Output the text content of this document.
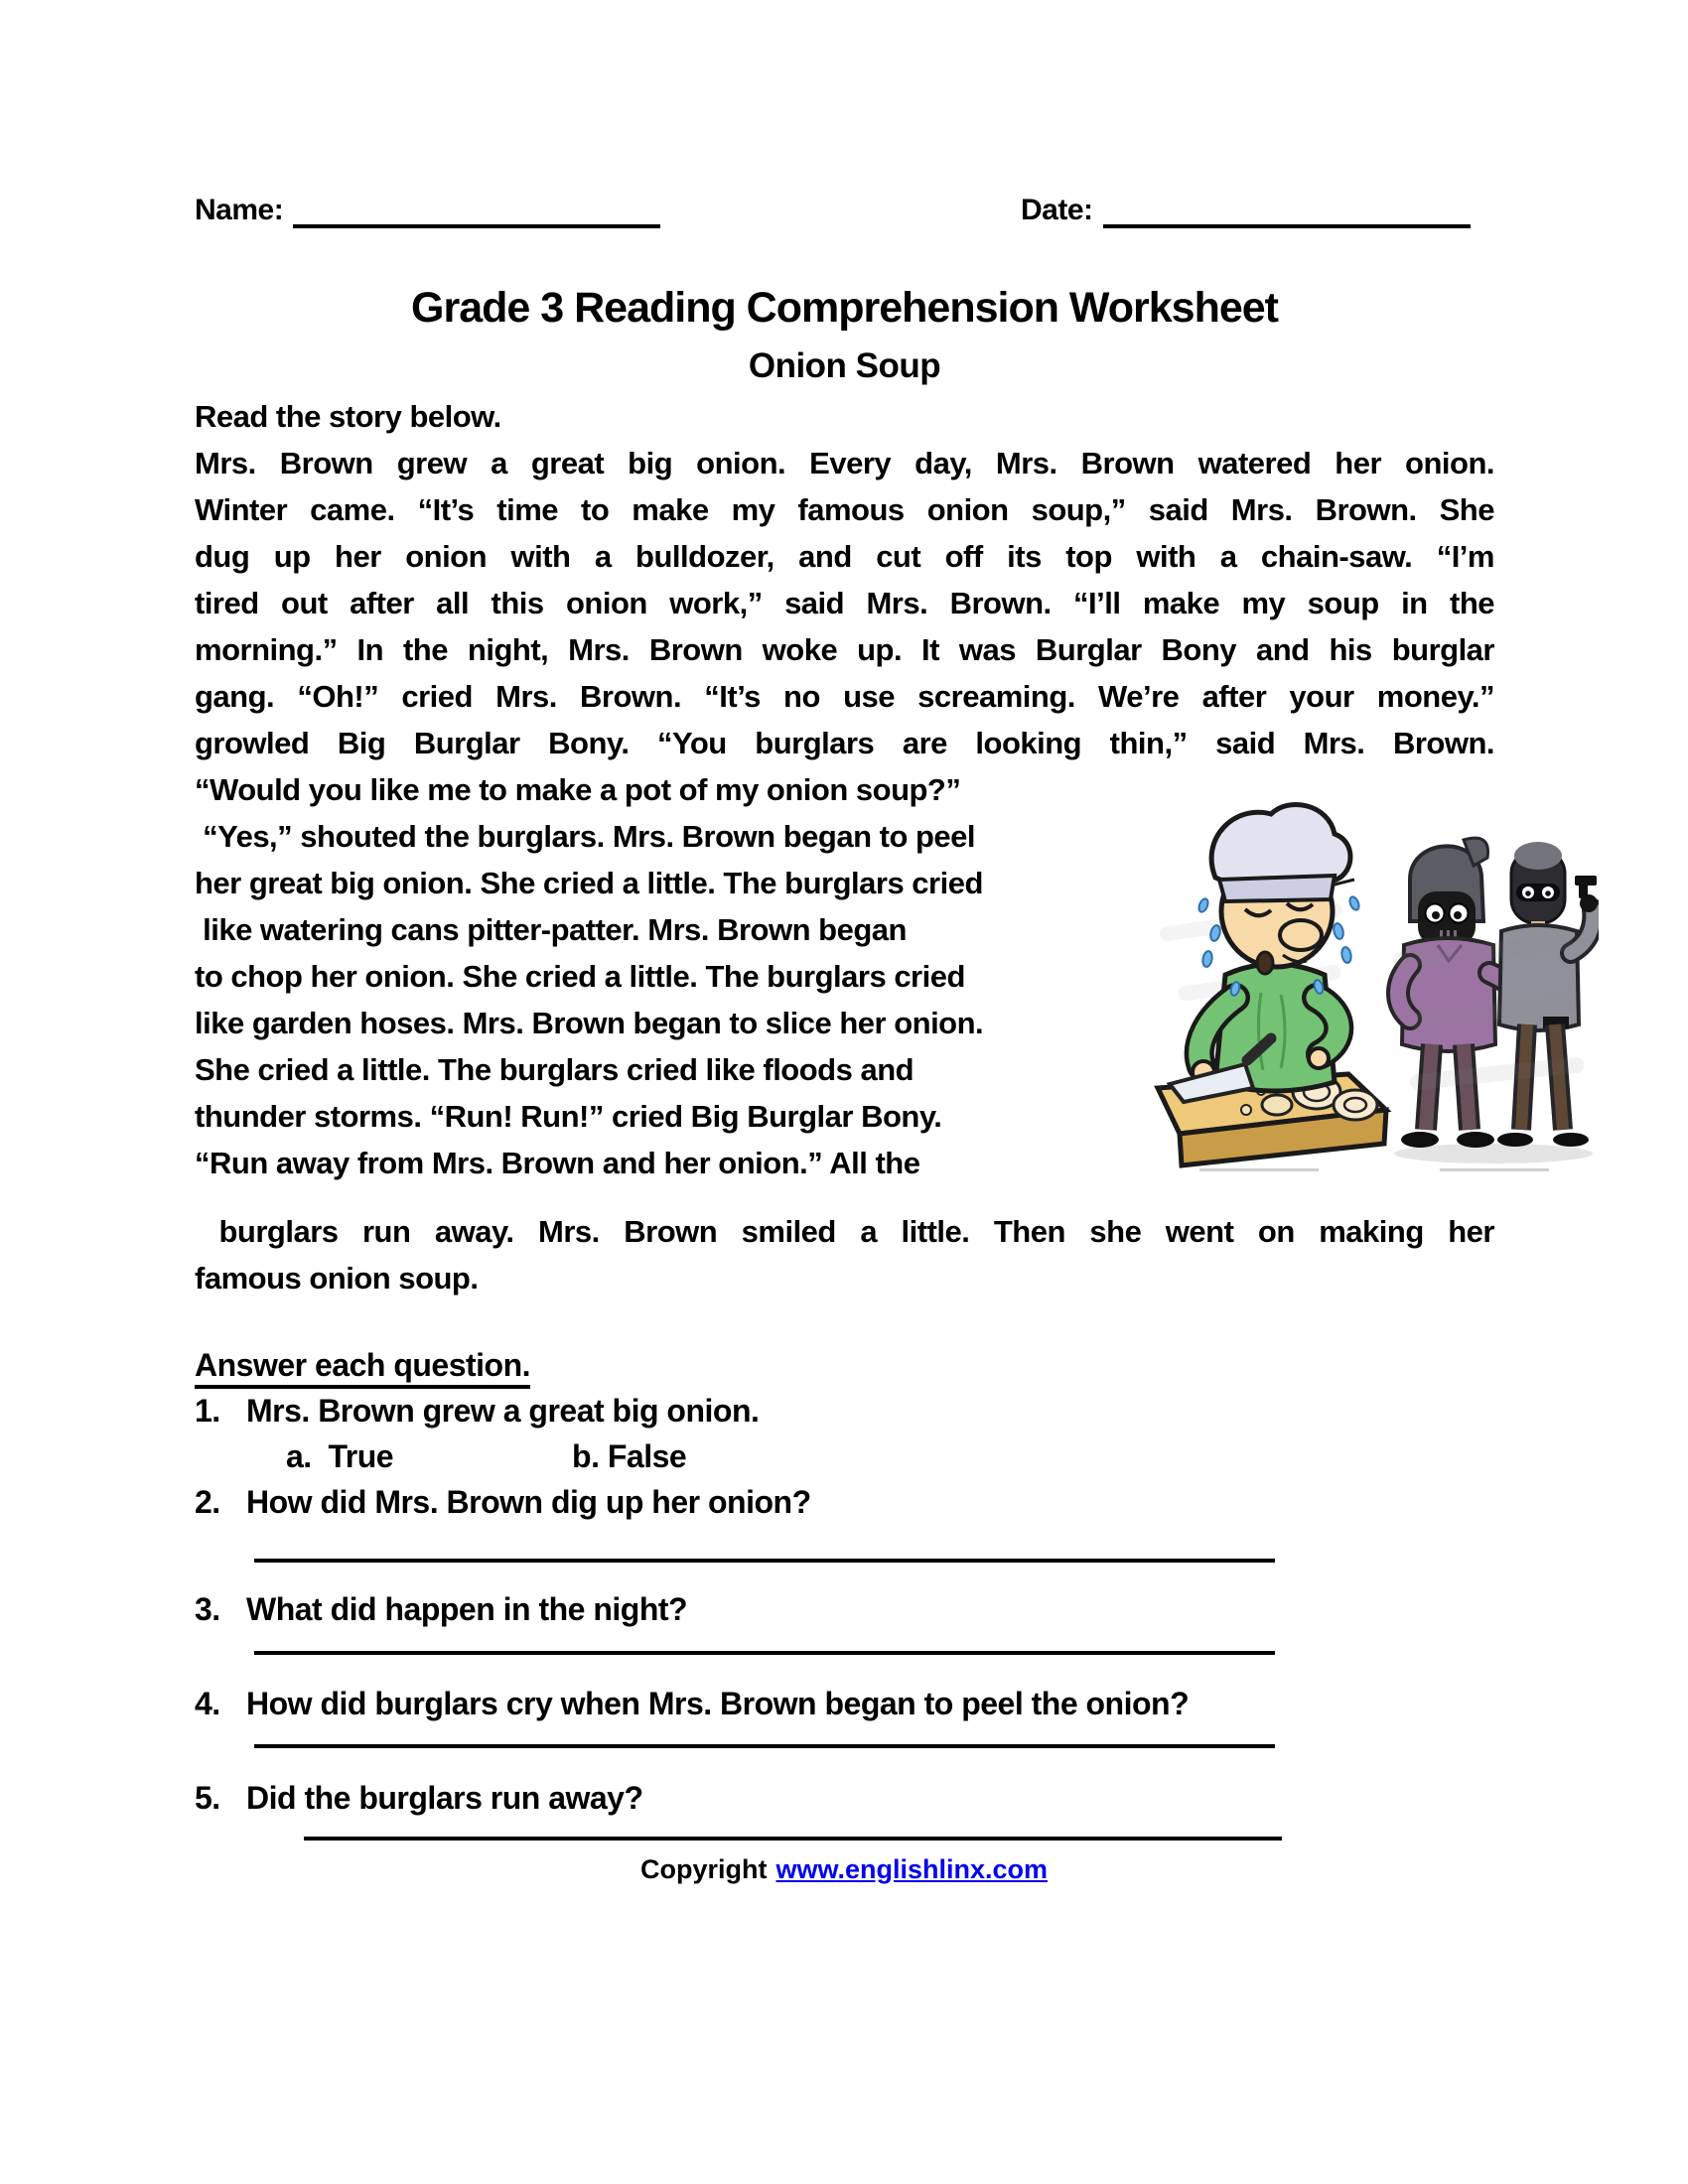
Name:	Date:
Grade 3 Reading Comprehension Worksheet
Onion Soup
Read the story below.
Mrs. Brown grew a great big onion. Every day, Mrs. Brown watered her onion.
Winter came. “It’s time to make my famous onion soup,” said Mrs. Brown. She
dug up her onion with a bulldozer, and cut off its top with a chain-saw. “I’m
tired out after all this onion work,” said Mrs. Brown. “I’ll make my soup in the
morning.” In the night, Mrs. Brown woke up. It was Burglar Bony and his burglar
gang. “Oh!” cried Mrs. Brown. “It’s no use screaming. We’re after your money.”
growled Big Burglar Bony. “You burglars are looking thin,” said Mrs. Brown.
“Would you like me to make a pot of my onion soup?”
“Yes,” shouted the burglars. Mrs. Brown began to peel
her great big onion. She cried a little. The burglars cried
like watering cans pitter-patter. Mrs. Brown began
to chop her onion. She cried a little. The burglars cried
like garden hoses. Mrs. Brown began to slice her onion.
She cried a little. The burglars cried like floods and
thunder storms. “Run! Run!” cried Big Burglar Bony.
“Run away from Mrs. Brown and her onion.” All the
burglars run away. Mrs. Brown smiled a little. Then she went on making her
famous onion soup.
Answer each question.
1. Mrs. Brown grew a great big onion.
a.  True	b. False
2. How did Mrs. Brown dig up her onion?
3. What did happen in the night?
4. How did burglars cry when Mrs. Brown began to peel the onion?
5. Did the burglars run away?
Copyright www.englishlinx.com
